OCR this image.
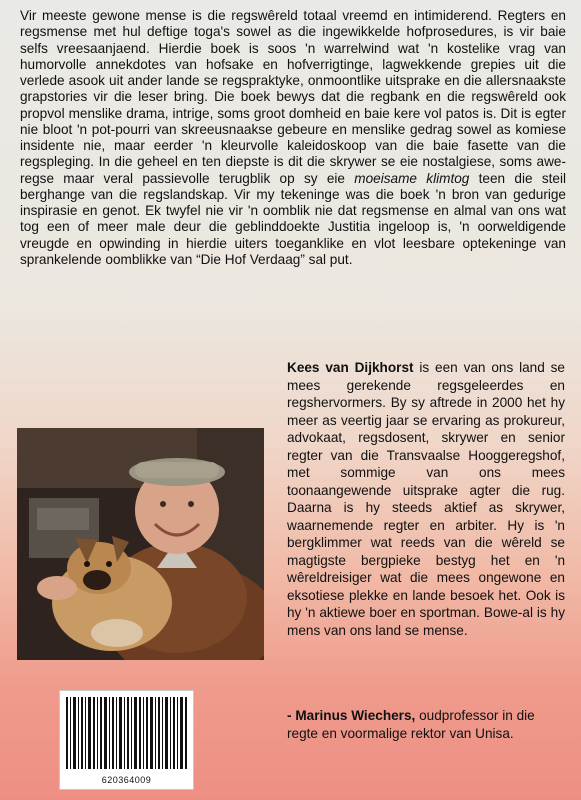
Vir meeste gewone mense is die regswêreld totaal vreemd en intimiderend. Regters en regsmense met hul deftige toga's sowel as die ingewikkelde hofprosedures, is vir baie selfs vreesaanjaend. Hierdie boek is soos 'n warrelwind wat 'n kostelike vrag van humorvolle annekdotes van hofsake en hofverrigtinge, lagwekkende grepies uit die verlede asook uit ander lande se regspraktyke, onmoontlike uitsprake en die allersnaakste grapstories vir die leser bring. Die boek bewys dat die regbank en die regswêreld ook propvol menslike drama, intrige, soms groot domheid en baie kere vol patos is. Dit is egter nie bloot 'n pot-pourri van skreeusnaakse gebeure en menslike gedrag sowel as komiese insidente nie, maar eerder 'n kleurvolle kaleidoskoop van die baie fasette van die regspleging. In die geheel en ten diepste is dit die skrywer se eie nostalgiese, soms awe-regse maar veral passievolle terugblik op sy eie moeisame klimtog teen die steil berghange van die regslandskap. Vir my tekeninge was die boek 'n bron van gedurige inspirasie en genot. Ek twyfel nie vir 'n oomblik nie dat regsmense en almal van ons wat tog een of meer male deur die geblinddoekte Justitia ingeloop is, 'n oorweldigende vreugde en opwinding in hierdie uiters toeganklike en vlot leesbare optekeninge van sprankelende oomblikke van “Die Hof Verdaag” sal put.

Kees van Dijkhorst is een van ons land se mees gerekende regsgeleerdes en regshervormers. By sy aftrede in 2000 het hy meer as veertig jaar se ervaring as prokureur, advokaat, regsdosent, skrywer en senior regter van die Transvaalse Hooggeregshof, met sommige van ons mees toonaangewende uitsprake agter die rug. Daarna is hy steeds aktief as skrywer, waarnemende regter en arbiter. Hy is 'n bergklimmer wat reeds van die wêreld se magtigste bergpieke bestyg het en 'n wêreldreisiger wat die mees ongewone en eksotiese plekke en lande besoek het. Ook is hy 'n aktiewe boer en sportman. Bowe-al is hy mens van ons land se mense.

- Marinus Wiechers, oudprofessor in die regte en voormalige rektor van Unisa.

620364009
